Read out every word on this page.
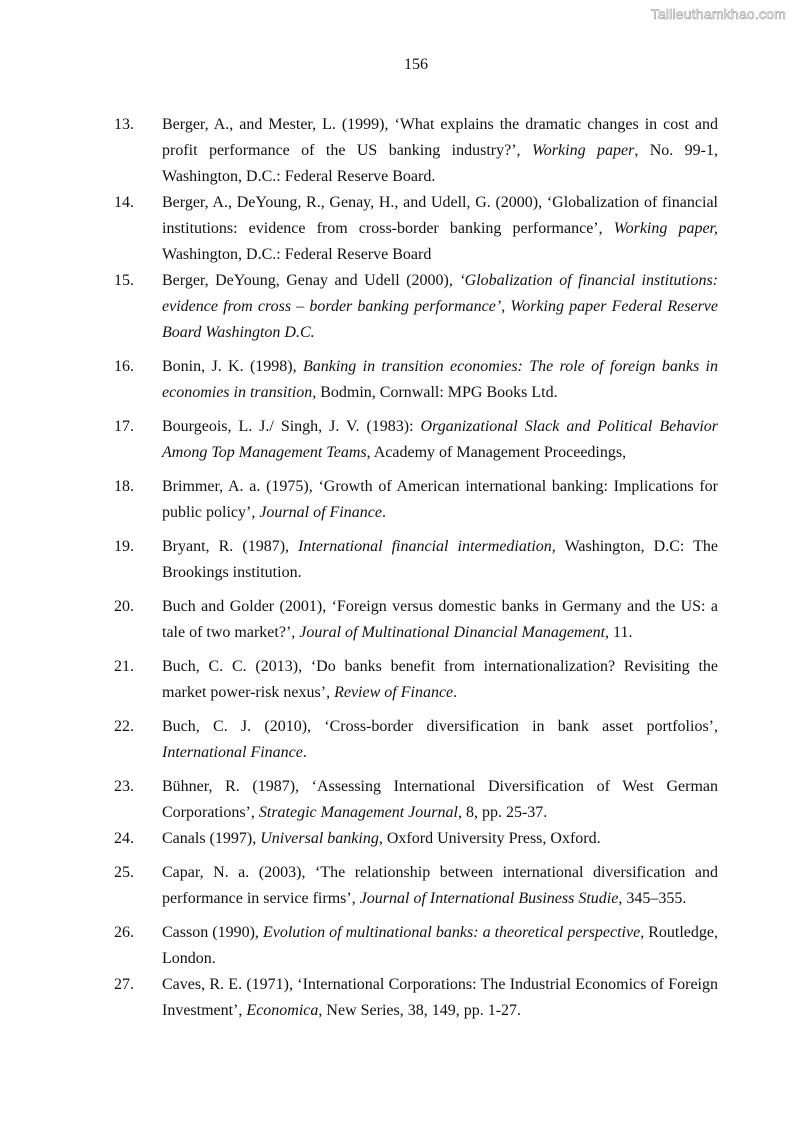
Tailieuthamkhao.com
156
13. Berger, A., and Mester, L. (1999), ‘What explains the dramatic changes in cost and profit performance of the US banking industry?’, Working paper, No. 99-1, Washington, D.C.: Federal Reserve Board.
14. Berger, A., DeYoung, R., Genay, H., and Udell, G. (2000), ‘Globalization of financial institutions: evidence from cross-border banking performance’, Working paper, Washington, D.C.: Federal Reserve Board
15. Berger, DeYoung, Genay and Udell (2000), ‘Globalization of financial institutions: evidence from cross – border banking performance’, Working paper Federal Reserve Board Washington D.C.
16. Bonin, J. K. (1998), Banking in transition economies: The role of foreign banks in economies in transition, Bodmin, Cornwall: MPG Books Ltd.
17. Bourgeois, L. J./ Singh, J. V. (1983): Organizational Slack and Political Behavior Among Top Management Teams, Academy of Management Proceedings,
18. Brimmer, A. a. (1975), ‘Growth of American international banking: Implications for public policy’, Journal of Finance.
19. Bryant, R. (1987), International financial intermediation, Washington, D.C: The Brookings institution.
20. Buch and Golder (2001), ‘Foreign versus domestic banks in Germany and the US: a tale of two market?’, Joural of Multinational Dinancial Management, 11.
21. Buch, C. C. (2013), ‘Do banks benefit from internationalization? Revisiting the market power-risk nexus’, Review of Finance.
22. Buch, C. J. (2010), ‘Cross-border diversification in bank asset portfolios’, International Finance.
23. Bühner, R. (1987), ‘Assessing International Diversification of West German Corporations’, Strategic Management Journal, 8, pp. 25-37.
24. Canals (1997), Universal banking, Oxford University Press, Oxford.
25. Capar, N. a. (2003), ‘The relationship between international diversification and performance in service firms’, Journal of International Business Studie, 345–355.
26. Casson (1990), Evolution of multinational banks: a theoretical perspective, Routledge, London.
27. Caves, R. E. (1971), ‘International Corporations: The Industrial Economics of Foreign Investment’, Economica, New Series, 38, 149, pp. 1-27.
